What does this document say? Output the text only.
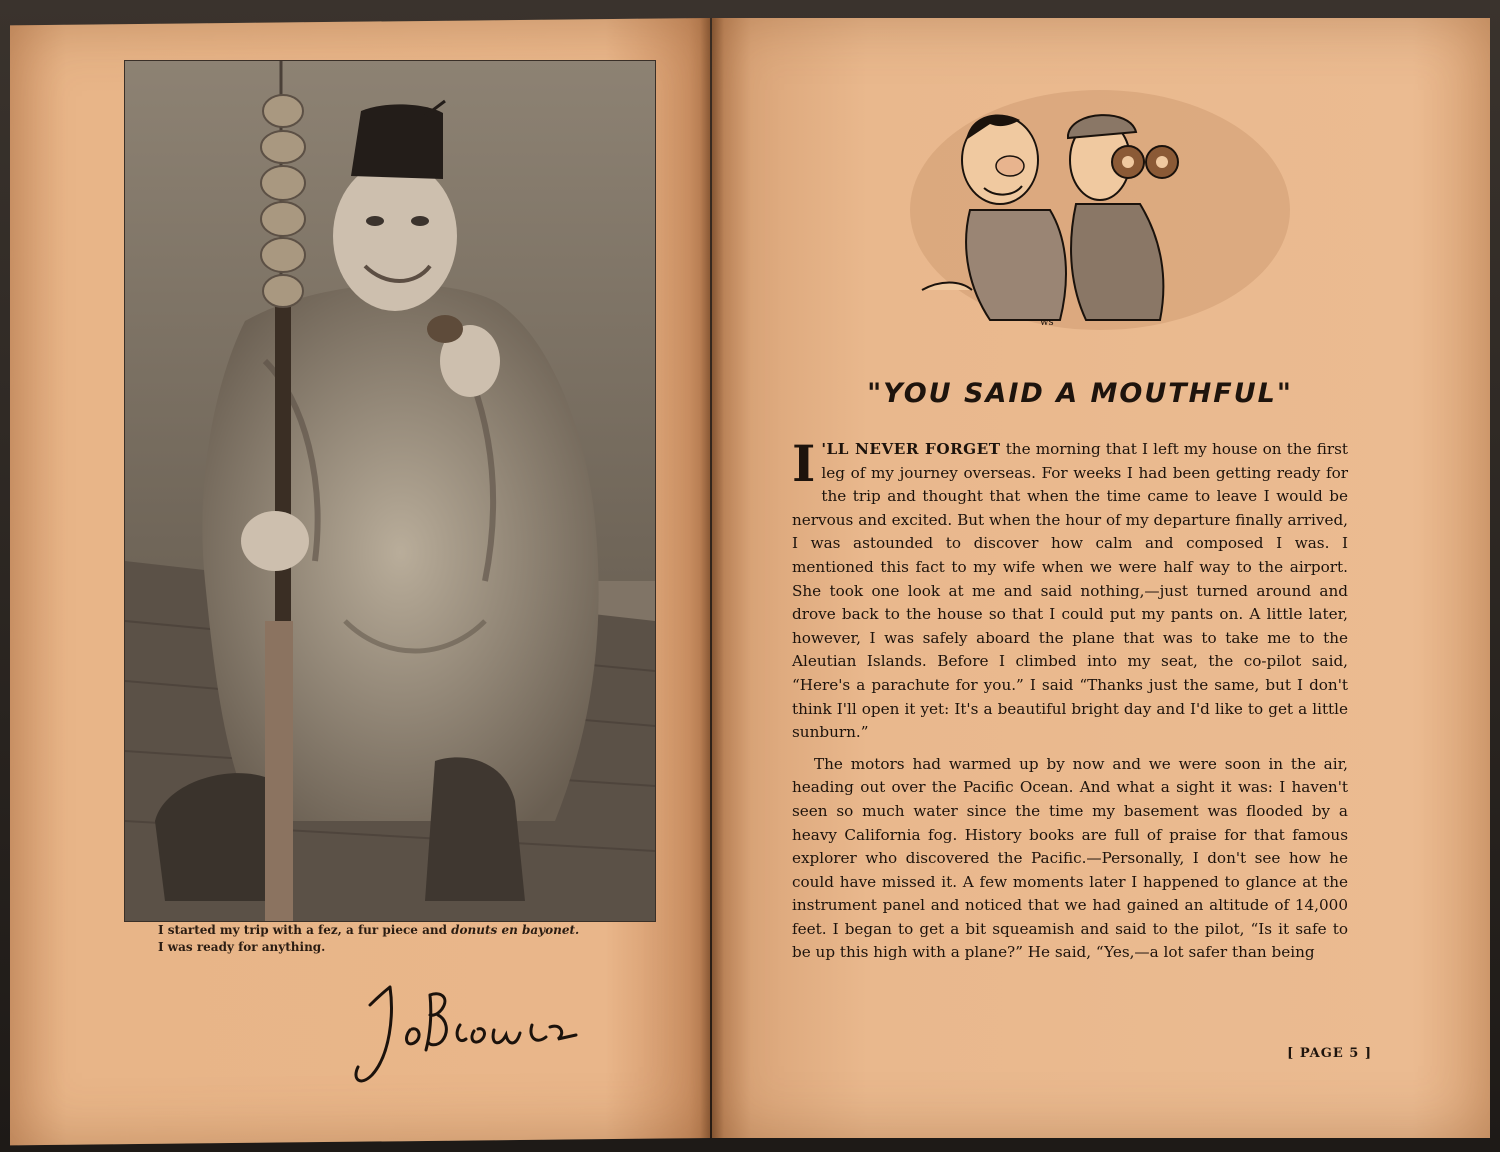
I started my trip with a fez, a fur piece and donuts en bayonet.
I was ready for anything.
ws
"YOU SAID A MOUTHFUL"

I 'LL NEVER FORGET the morning that I left my house on the first leg of my journey overseas. For weeks I had been getting ready for the trip and thought that when the time came to leave I would be nervous and excited. But when the hour of my departure finally arrived, I was astounded to discover how calm and composed I was. I mentioned this fact to my wife when we were half way to the airport. She took one look at me and said nothing,—just turned around and drove back to the house so that I could put my pants on. A little later, however, I was safely aboard the plane that was to take me to the Aleutian Islands. Before I climbed into my seat, the co-pilot said, “Here's a parachute for you.” I said “Thanks just the same, but I don't think I'll open it yet: It's a beautiful bright day and I'd like to get a little sunburn.”

The motors had warmed up by now and we were soon in the air, heading out over the Pacific Ocean. And what a sight it was: I haven't seen so much water since the time my basement was flooded by a heavy California fog. History books are full of praise for that famous explorer who discovered the Pacific.—Personally, I don't see how he could have missed it. A few moments later I happened to glance at the instrument panel and noticed that we had gained an altitude of 14,000 feet. I began to get a bit squeamish and said to the pilot, “Is it safe to be up this high with a plane?” He said, “Yes,—a lot safer than being

[ PAGE 5 ]
